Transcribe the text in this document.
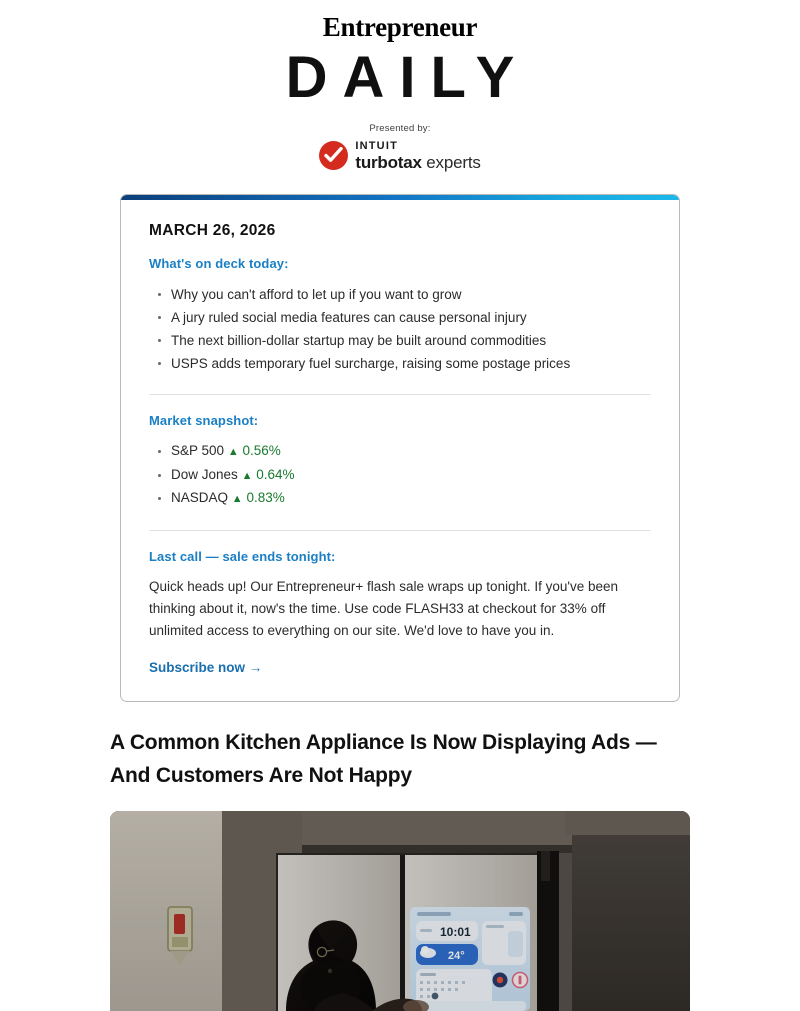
Entrepreneur
DAILY
Presented by:
INTUIT
turbotax experts
MARCH 26, 2026
What's on deck today:
Why you can't afford to let up if you want to grow
A jury ruled social media features can cause personal injury
The next billion-dollar startup may be built around commodities
USPS adds temporary fuel surcharge, raising some postage prices
Market snapshot:
S&P 500 ▲ 0.56%
Dow Jones ▲ 0.64%
NASDAQ ▲ 0.83%
Last call — sale ends tonight:

Quick heads up! Our Entrepreneur+ flash sale wraps up tonight. If you've been thinking about it, now's the time. Use code FLASH33 at checkout for 33% off unlimited access to everything on our site. We'd love to have you in.

Subscribe now →
A Common Kitchen Appliance Is Now Displaying Ads — And Customers Are Not Happy
10:01
24°
